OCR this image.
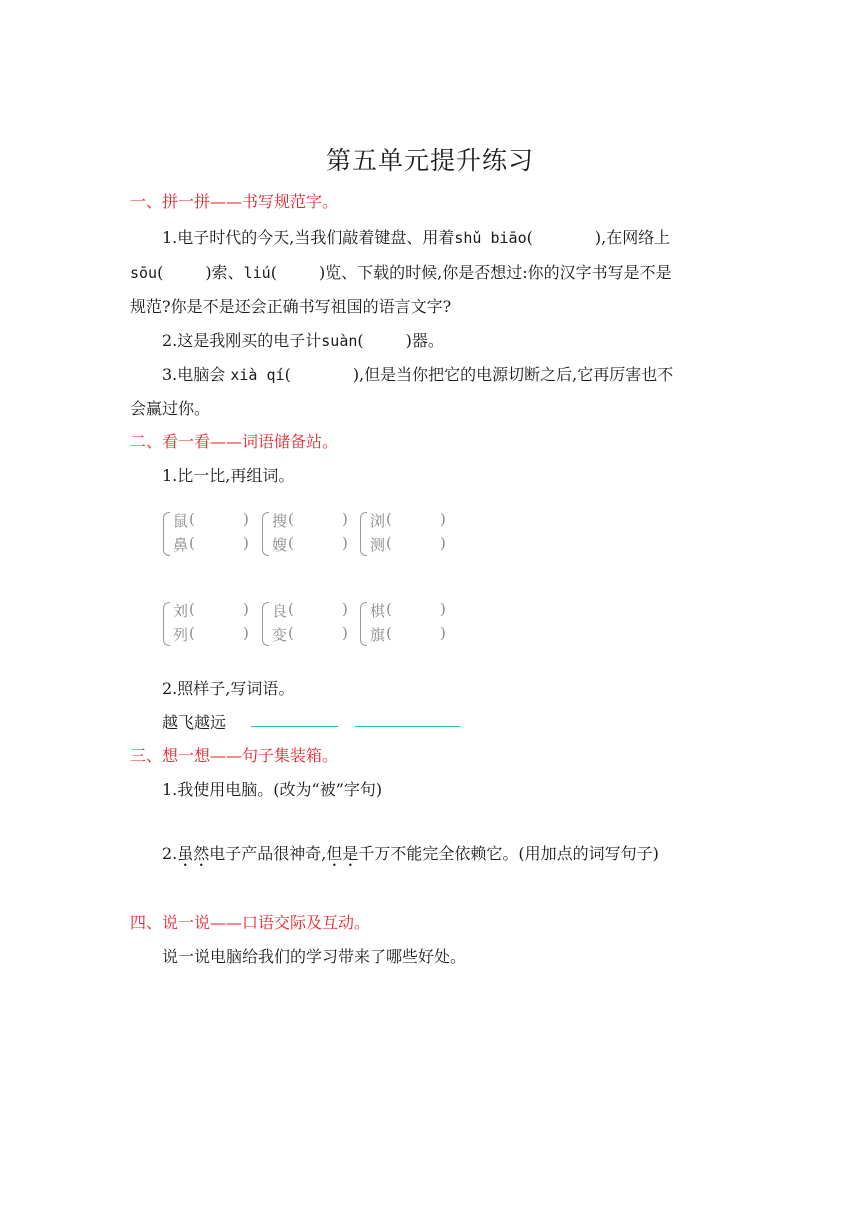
第五单元提升练习
一、拼一拼——书写规范字。
1.电子时代的今天,当我们敲着键盘、用着shǔ biāo(	),在网络上
sōu(	)索、liú(	)览、下载的时候,你是否想过:你的汉字书写是不是
规范?你是不是还会正确书写祖国的语言文字?
2.这是我刚买的电子计suàn(	)器。
3.电脑会 xià qí(	),但是当你把它的电源切断之后,它再厉害也不
会赢过你。
二、看一看——词语储备站。
1.比一比,再组词。
鼠 (	)
鼻 (	)
搜 (	)
嫂 (	)
浏 (	)
测 (	)
刘 (	)
列 (	)
良 (	)
变 (	)
棋 (	)
旗 (	)
2.照样子,写词语。
越飞越远
三、想一想——句子集装箱。
1.我使用电脑。(改为“被”字句)
2.虽然电子产品很神奇,但是千万不能完全依赖它。(用加点的词写句子)
四、说一说——口语交际及互动。
说一说电脑给我们的学习带来了哪些好处。
